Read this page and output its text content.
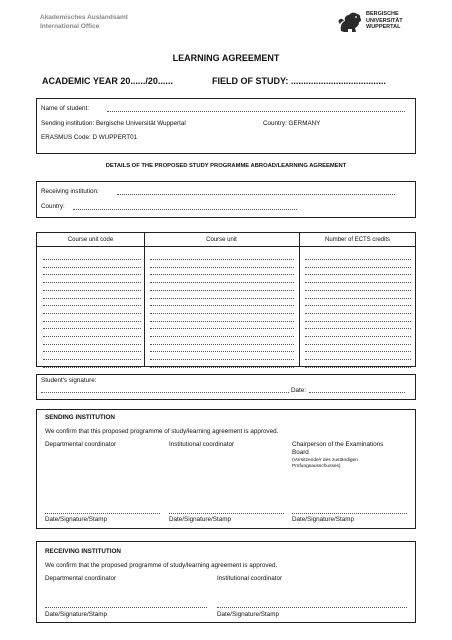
Akademisches Auslandsamt
International Office
BERGISCHE
UNIVERSITÄT
WUPPERTAL
LEARNING AGREEMENT
ACADEMIC YEAR 20....../20......	FIELD OF STUDY: ......................................
Name of student:
Sending institution: Bergische Universität Wuppertal	Country: GERMANY
ERASMUS Code: D WUPPERT01
DETAILS OF THE PROPOSED STUDY PROGRAMME ABROAD/LEARNING AGREEMENT
Receiving institution:
Country:
Course unit code	Course unit	Number of ECTS credits
Student's signature:
Date:
SENDING INSTITUTION
We confirm that this proposed programme of study/learning agreement is approved.
Departmental coordinator	Institutional coordinator	Chairperson of the Examinations
Board
(Vorsitzende/r des zuständigen
Prüfungsausschusses)
Date/Signature/Stamp	Date/Signature/Stamp	Date/Signature/Stamp
RECEIVING INSTITUTION
We confirm that the proposed programme of study/learning agreement is approved.
Departmental coordinator	Institutional coordinator
Date/Signature/Stamp	Date/Signature/Stamp
